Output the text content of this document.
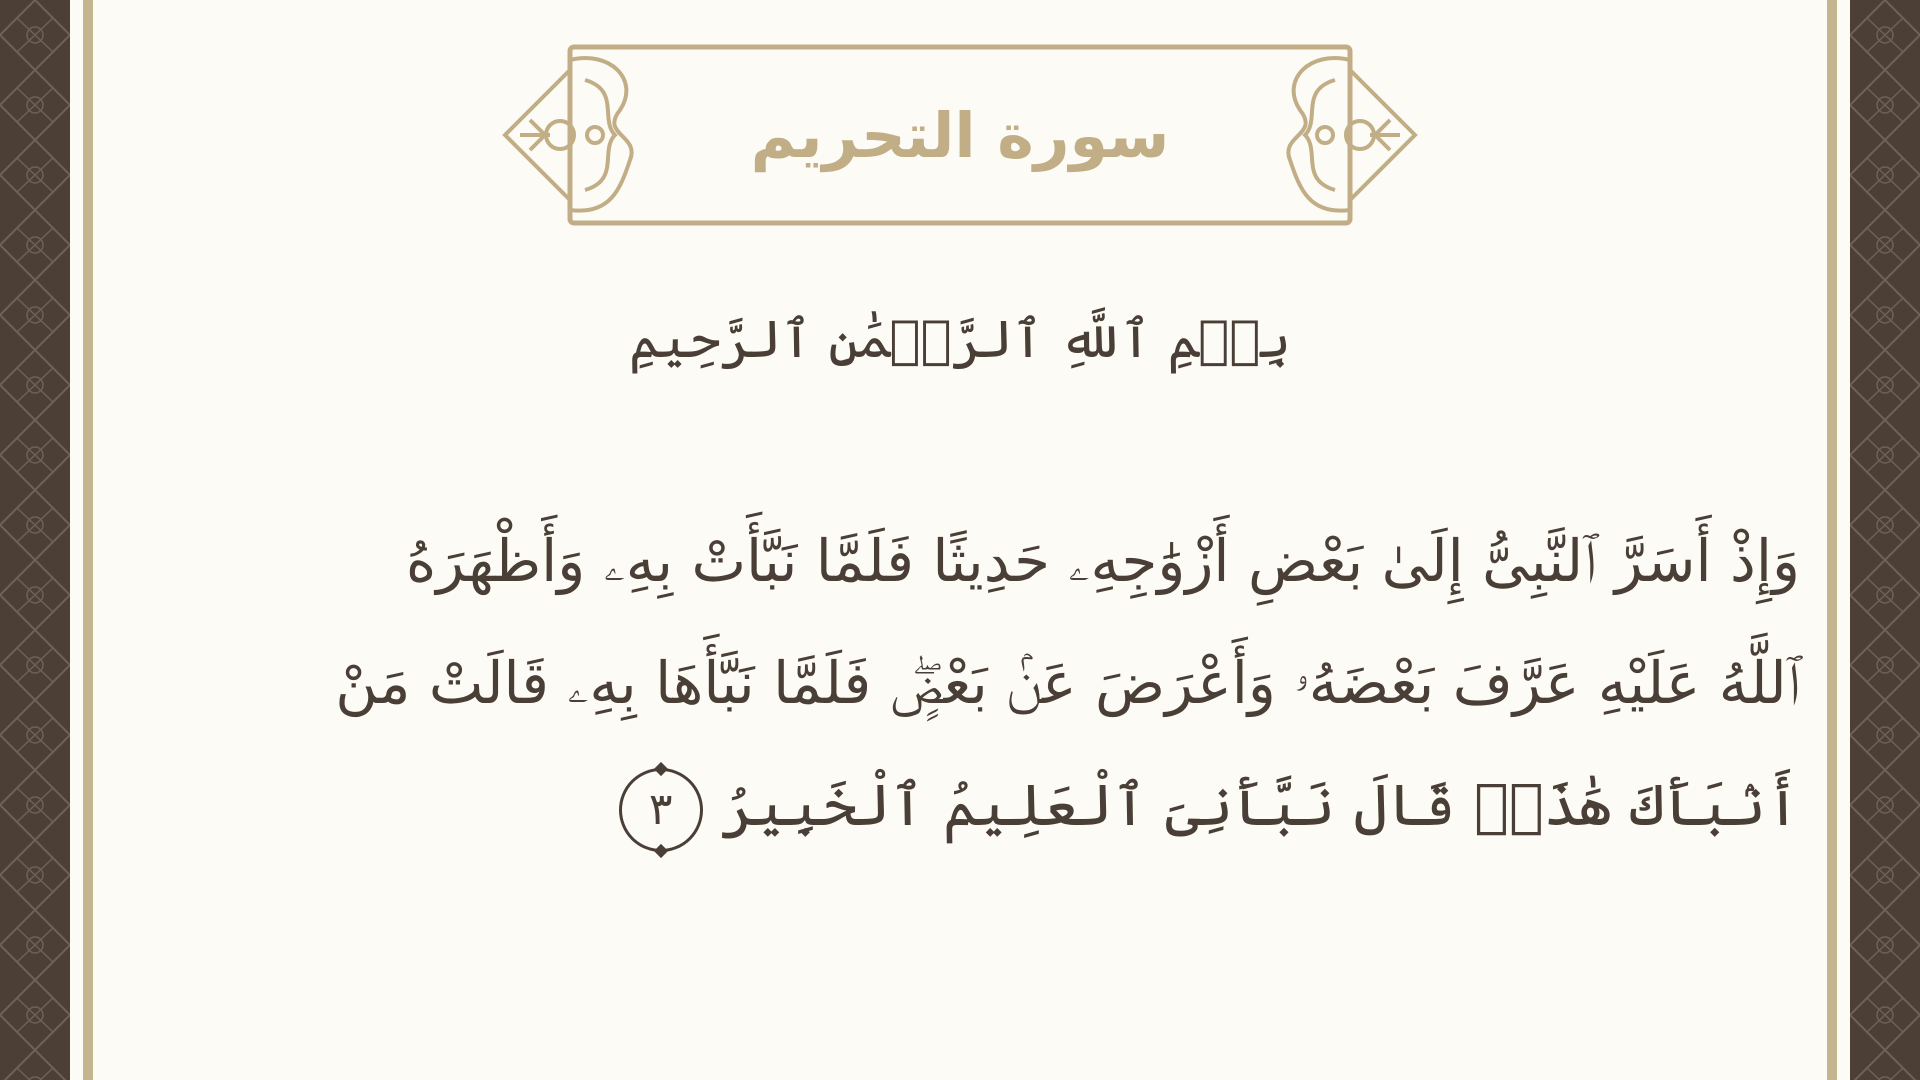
سورة التحريم
بِسۡمِ ٱللَّهِ ٱلرَّحۡمَٰنِ ٱلرَّحِيمِ
وَإِذْ أَسَرَّ ٱلنَّبِىُّ إِلَىٰ بَعْضِ أَزْوَٰجِهِۦ حَدِيثًا فَلَمَّا نَبَّأَتْ بِهِۦ وَأَظْهَرَهُ
ٱللَّهُ عَلَيْهِ عَرَّفَ بَعْضَهُۥ وَأَعْرَضَ عَنۢ بَعْضٍۖ فَلَمَّا نَبَّأَهَا بِهِۦ قَالَتْ مَنْ
أَنۢبَأَكَ هَٰذَاۖ قَالَ نَبَّأَنِىَ ٱلْعَلِيمُ ٱلْخَبِيرُ٣
